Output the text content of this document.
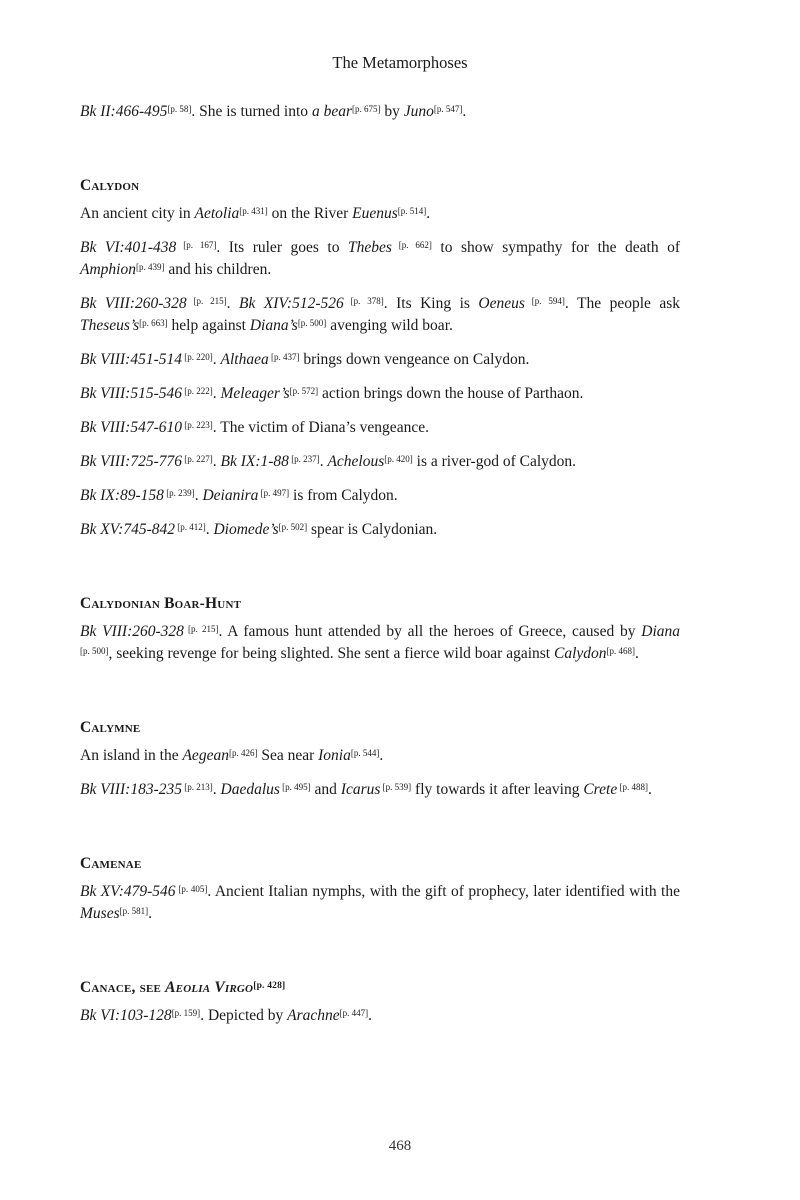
The Metamorphoses

Bk II:466-495[p. 58]. She is turned into a bear[p. 675] by Juno[p. 547].

Calydon

An ancient city in Aetolia[p. 431] on the River Euenus[p. 514].

Bk VI:401-438 [p. 167]. Its ruler goes to Thebes [p. 662] to show sympathy for the death of Amphion[p. 439] and his children.

Bk VIII:260-328 [p. 215]. Bk XIV:512-526 [p. 378]. Its King is Oeneus [p. 594]. The people ask Theseus’s[p. 663] help against Diana’s[p. 500] avenging wild boar.

Bk VIII:451-514 [p. 220]. Althaea [p. 437] brings down vengeance on Calydon.

Bk VIII:515-546 [p. 222]. Meleager’s[p. 572] action brings down the house of Parthaon.

Bk VIII:547-610 [p. 223]. The victim of Diana’s vengeance.

Bk VIII:725-776 [p. 227]. Bk IX:1-88 [p. 237]. Achelous[p. 420] is a river-god of Calydon.

Bk IX:89-158 [p. 239]. Deianira [p. 497] is from Calydon.

Bk XV:745-842 [p. 412]. Diomede’s[p. 502] spear is Calydonian.

Calydonian Boar-Hunt

Bk VIII:260-328 [p. 215]. A famous hunt attended by all the heroes of Greece, caused by Diana [p. 500], seeking revenge for being slighted. She sent a fierce wild boar against Calydon[p. 468].

Calymne

An island in the Aegean[p. 426] Sea near Ionia[p. 544].

Bk VIII:183-235 [p. 213]. Daedalus [p. 495] and Icarus [p. 539] fly towards it after leaving Crete [p. 488].

Camenae

Bk XV:479-546 [p. 405]. Ancient Italian nymphs, with the gift of prophecy, later identified with the Muses[p. 581].

Canace, see Aeolia Virgo[p. 428]

Bk VI:103-128[p. 159]. Depicted by Arachne[p. 447].

468
